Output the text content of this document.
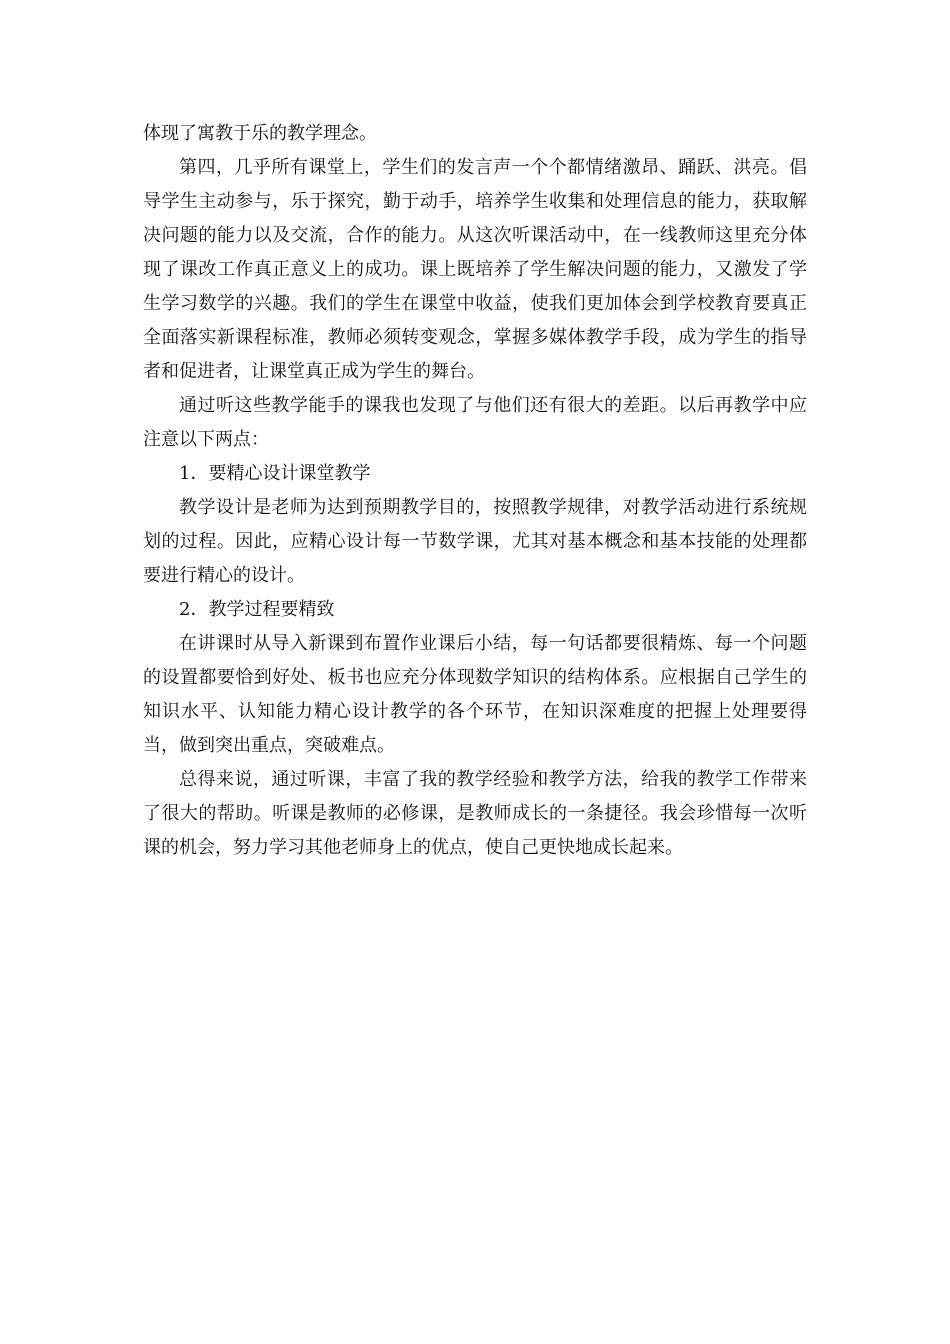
体现了寓教于乐的教学理念。

第四，几乎所有课堂上，学生们的发言声一个个都情绪激昂、踊跃、洪亮。倡导学生主动参与，乐于探究，勤于动手，培养学生收集和处理信息的能力，获取解决问题的能力以及交流，合作的能力。从这次听课活动中，在一线教师这里充分体现了课改工作真正意义上的成功。课上既培养了学生解决问题的能力，又激发了学生学习数学的兴趣。我们的学生在课堂中收益，使我们更加体会到学校教育要真正全面落实新课程标准，教师必须转变观念，掌握多媒体教学手段，成为学生的指导者和促进者，让课堂真正成为学生的舞台。

通过听这些教学能手的课我也发现了与他们还有很大的差距。以后再教学中应注意以下两点：

1．要精心设计课堂教学

教学设计是老师为达到预期教学目的，按照教学规律，对教学活动进行系统规划的过程。因此，应精心设计每一节数学课，尤其对基本概念和基本技能的处理都要进行精心的设计。

2．教学过程要精致

在讲课时从导入新课到布置作业课后小结，每一句话都要很精炼、每一个问题的设置都要恰到好处、板书也应充分体现数学知识的结构体系。应根据自己学生的知识水平、认知能力精心设计教学的各个环节，在知识深难度的把握上处理要得当，做到突出重点，突破难点。

总得来说，通过听课，丰富了我的教学经验和教学方法，给我的教学工作带来了很大的帮助。听课是教师的必修课，是教师成长的一条捷径。我会珍惜每一次听课的机会，努力学习其他老师身上的优点，使自己更快地成长起来。
